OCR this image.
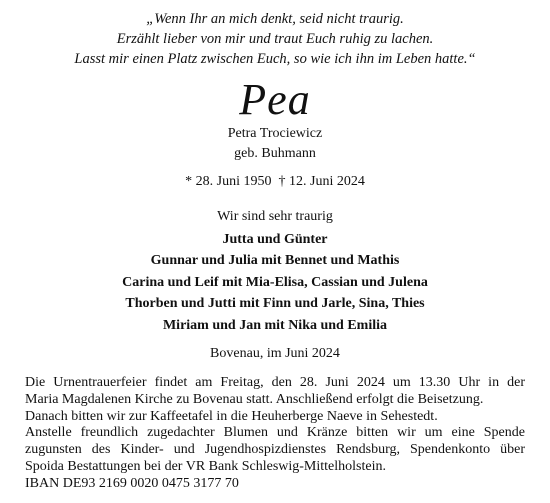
„Wenn Ihr an mich denkt, seid nicht traurig.
Erzählt lieber von mir und traut Euch ruhig zu lachen.
Lasst mir einen Platz zwischen Euch, so wie ich ihn im Leben hatte.“
Pea
Petra Trociewicz
geb. Buhmann
* 28. Juni 1950  † 12. Juni 2024
Wir sind sehr traurig
Jutta und Günter
Gunnar und Julia mit Bennet und Mathis
Carina und Leif mit Mia-Elisa, Cassian und Julena
Thorben und Jutti mit Finn und Jarle, Sina, Thies
Miriam und Jan mit Nika und Emilia
Bovenau, im Juni 2024
Die Urnentrauerfeier findet am Freitag, den 28. Juni 2024 um 13.30 Uhr in der
Maria Magdalenen Kirche zu Bovenau statt. Anschließend erfolgt die Beisetzung.
Danach bitten wir zur Kaffeetafel in die Heuherberge Naeve in Sehestedt.
Anstelle freundlich zugedachter Blumen und Kränze bitten wir um eine Spende
zugunsten des Kinder- und Jugendhospizdienstes Rendsburg, Spendenkonto über
Spoida Bestattungen bei der VR Bank Schleswig-Mittelholstein.
IBAN DE93 2169 0020 0475 3177 70
